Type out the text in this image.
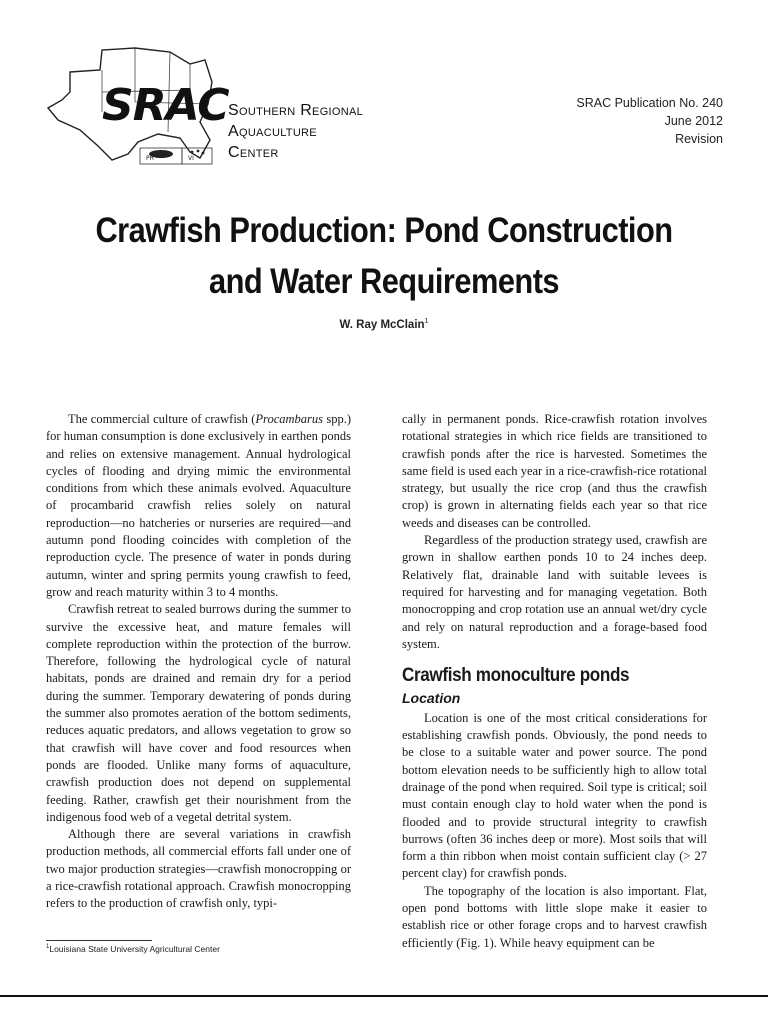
SRAC
PR	VI
Southern Regional
Aquaculture Center
SRAC Publication No. 240
June 2012
Revision
Crawfish Production: Pond Construction
and Water Requirements
W. Ray McClain$^1$

The commercial culture of crawfish (Procambarus spp.) for human consumption is done exclusively in earthen ponds and relies on extensive management. Annual hydrological cycles of flooding and drying mimic the environmental conditions from which these animals evolved. Aquaculture of procambarid crawfish relies solely on natural reproduction—no hatcheries or nurseries are required—and autumn pond flooding coincides with completion of the reproduction cycle. The presence of water in ponds during autumn, winter and spring permits young crawfish to feed, grow and reach maturity within 3 to 4 months.

Crawfish retreat to sealed burrows during the summer to survive the excessive heat, and mature females will complete reproduction within the protection of the burrow. Therefore, following the hydrological cycle of natural habitats, ponds are drained and remain dry for a period during the summer. Temporary dewatering of ponds during the summer also promotes aeration of the bottom sediments, reduces aquatic predators, and allows vegetation to grow so that crawfish will have cover and food resources when ponds are flooded. Unlike many forms of aquaculture, crawfish production does not depend on supplemental feeding. Rather, crawfish get their nourishment from the indigenous food web of a vegetal detrital system.

Although there are several variations in crawfish production methods, all commercial efforts fall under one of two major production strategies—crawfish monocropping or a rice-crawfish rotational approach. Crawfish monocropping refers to the production of crawfish only, typi-

cally in permanent ponds. Rice-crawfish rotation involves rotational strategies in which rice fields are transitioned to crawfish ponds after the rice is harvested. Sometimes the same field is used each year in a rice-crawfish-rice rotational strategy, but usually the rice crop (and thus the crawfish crop) is grown in alternating fields each year so that rice weeds and diseases can be controlled.

Regardless of the production strategy used, crawfish are grown in shallow earthen ponds 10 to 24 inches deep. Relatively flat, drainable land with suitable levees is required for harvesting and for managing vegetation. Both monocropping and crop rotation use an annual wet/dry cycle and rely on natural reproduction and a forage-based food system.

Crawfish monoculture ponds
Location

Location is one of the most critical considerations for establishing crawfish ponds. Obviously, the pond needs to be close to a suitable water and power source. The pond bottom elevation needs to be sufficiently high to allow total drainage of the pond when required. Soil type is critical; soil must contain enough clay to hold water when the pond is flooded and to provide structural integrity to crawfish burrows (often 36 inches deep or more). Most soils that will form a thin ribbon when moist contain sufficient clay (> 27 percent clay) for crawfish ponds.

The topography of the location is also important. Flat, open pond bottoms with little slope make it easier to establish rice or other forage crops and to harvest crawfish efficiently (Fig. 1). While heavy equipment can be

$^1$Louisiana State University Agricultural Center
